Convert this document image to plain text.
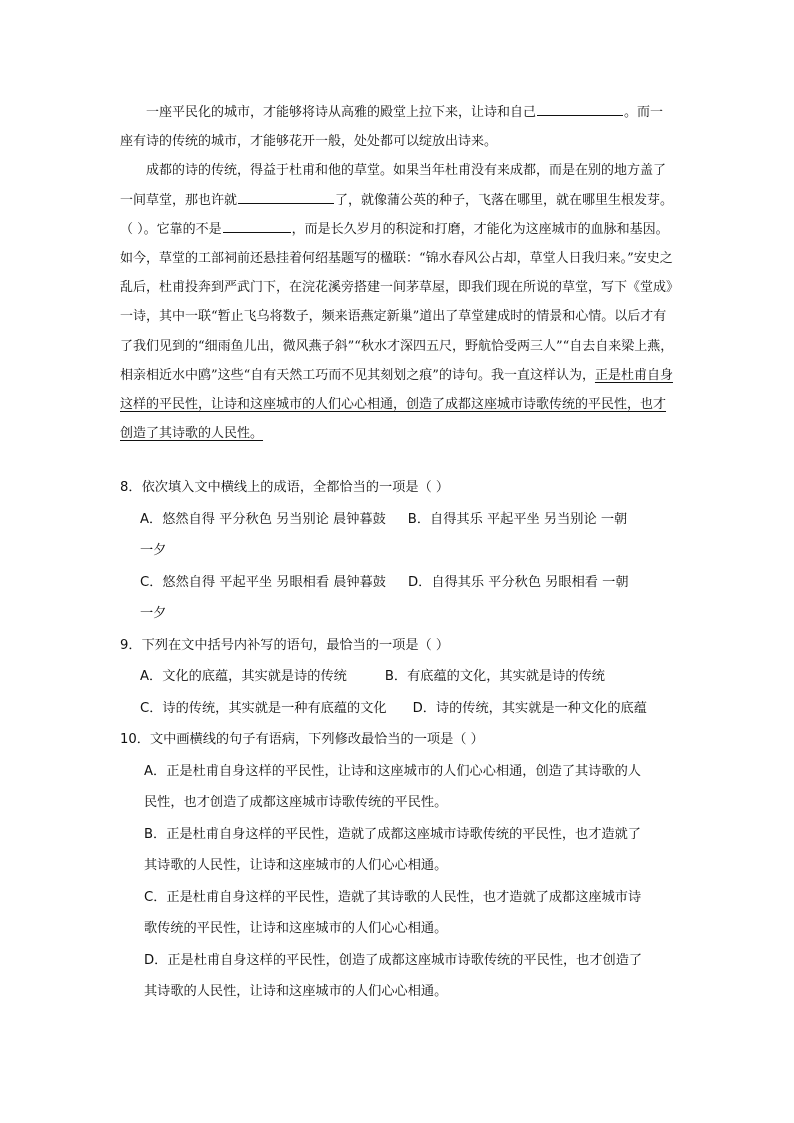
一座平民化的城市，才能够将诗从高雅的殿堂上拉下来，让诗和自己	。而一座有诗的传统的城市，才能够花开一般，处处都可以绽放出诗来。

成都的诗的传统，得益于杜甫和他的草堂。如果当年杜甫没有来成都，而是在别的地方盖了一间草堂，那也许就	了，就像蒲公英的种子，飞落在哪里，就在哪里生根发芽。（ ）。它靠的不是	，而是长久岁月的积淀和打磨，才能化为这座城市的血脉和基因。如今，草堂的工部祠前还悬挂着何绍基题写的楹联：“锦水春风公占却，草堂人日我归来。”安史之乱后，杜甫投奔到严武门下，在浣花溪旁搭建一间茅草屋，即我们现在所说的草堂，写下《堂成》一诗，其中一联“暂止飞乌将数子，频来语燕定新巢”道出了草堂建成时的情景和心情。以后才有了我们见到的“细雨鱼儿出，微风燕子斜”“秋水才深四五尺，野航恰受两三人”“自去自来梁上燕，相亲相近水中鸥”这些“自有天然工巧而不见其刻划之痕”的诗句。我一直这样认为，正是杜甫自身这样的平民性，让诗和这座城市的人们心心相通，创造了成都这座城市诗歌传统的平民性，也才创造了其诗歌的人民性。

8．依次填入文中横线上的成语，全都恰当的一项是（ ）

A．悠然自得 平分秋色 另当别论 晨钟暮鼓 B．自得其乐 平起平坐 另当别论 一朝

一夕

C．悠然自得 平起平坐 另眼相看 晨钟暮鼓 D．自得其乐 平分秋色 另眼相看 一朝

一夕

9．下列在文中括号内补写的语句，最恰当的一项是（ ）

A．文化的底蕴，其实就是诗的传统	B．有底蕴的文化，其实就是诗的传统

C．诗的传统，其实就是一种有底蕴的文化 D．诗的传统，其实就是一种文化的底蕴

10．文中画横线的句子有语病，下列修改最恰当的一项是（ ）

A．正是杜甫自身这样的平民性，让诗和这座城市的人们心心相通，创造了其诗歌的人

民性，也才创造了成都这座城市诗歌传统的平民性。

B．正是杜甫自身这样的平民性，造就了成都这座城市诗歌传统的平民性，也才造就了

其诗歌的人民性，让诗和这座城市的人们心心相通。

C．正是杜甫自身这样的平民性，造就了其诗歌的人民性，也才造就了成都这座城市诗

歌传统的平民性，让诗和这座城市的人们心心相通。

D．正是杜甫自身这样的平民性，创造了成都这座城市诗歌传统的平民性，也才创造了

其诗歌的人民性，让诗和这座城市的人们心心相通。
